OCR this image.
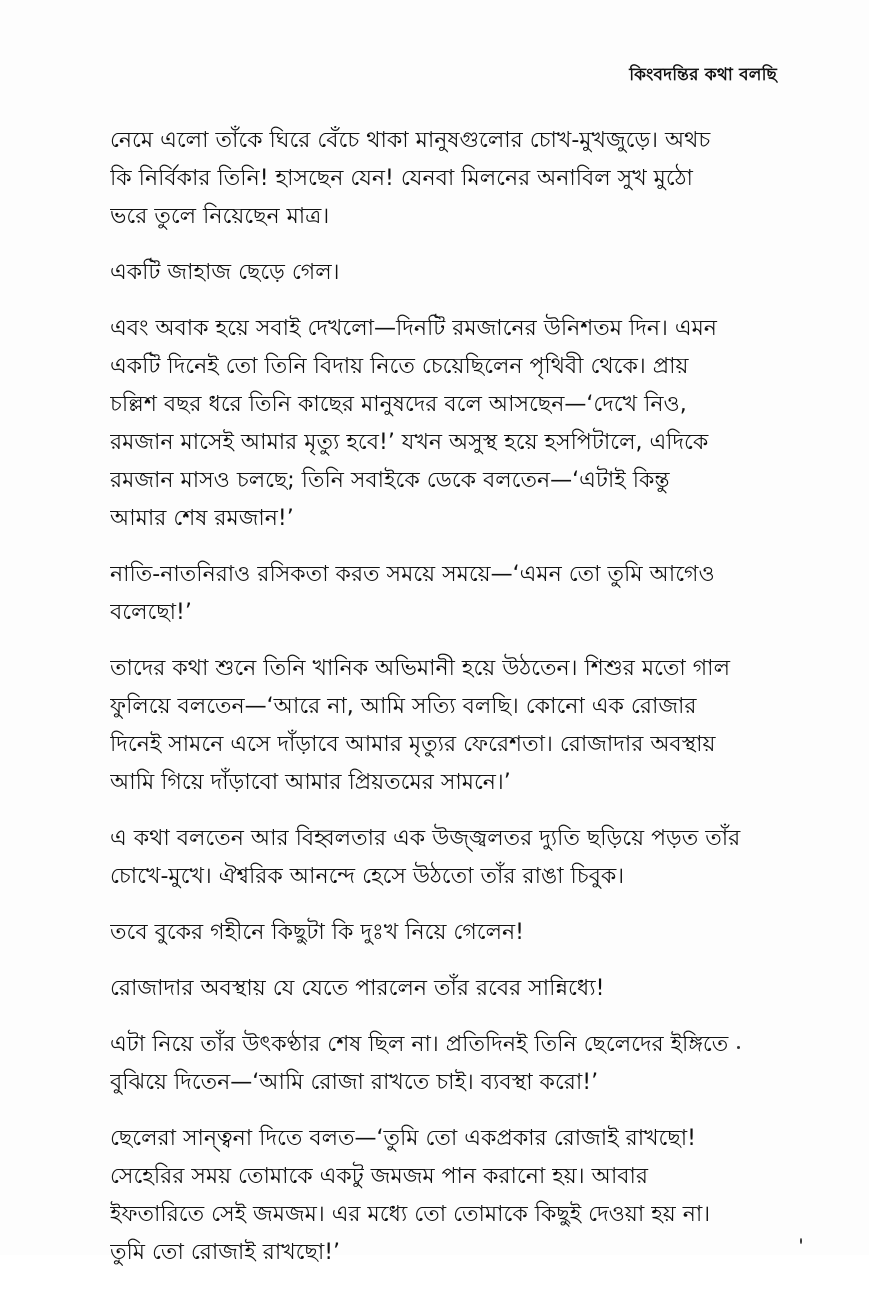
কিংবদন্তির কথা বলছি

নেমে এলো তাঁকে ঘিরে বেঁচে থাকা মানুষগুলোর চোখ-মুখজুড়ে। অথচ
কি নির্বিকার তিনি! হাসছেন যেন! যেনবা মিলনের অনাবিল সুখ মুঠো
ভরে তুলে নিয়েছেন মাত্র।

একটি জাহাজ ছেড়ে গেল।

এবং অবাক হয়ে সবাই দেখলো—দিনটি রমজানের উনিশতম দিন। এমন
একটি দিনেই তো তিনি বিদায় নিতে চেয়েছিলেন পৃথিবী থেকে। প্রায়
চল্লিশ বছর ধরে তিনি কাছের মানুষদের বলে আসছেন—‘দেখে নিও,
রমজান মাসেই আমার মৃত্যু হবে!’ যখন অসুস্থ হয়ে হসপিটালে, এদিকে
রমজান মাসও চলছে; তিনি সবাইকে ডেকে বলতেন—‘এটাই কিন্তু
আমার শেষ রমজান!’

নাতি-নাতনিরাও রসিকতা করত সময়ে সময়ে—‘এমন তো তুমি আগেও
বলেছো!’

তাদের কথা শুনে তিনি খানিক অভিমানী হয়ে উঠতেন। শিশুর মতো গাল
ফুলিয়ে বলতেন—‘আরে না, আমি সত্যি বলছি। কোনো এক রোজার
দিনেই সামনে এসে দাঁড়াবে আমার মৃত্যুর ফেরেশতা। রোজাদার অবস্থায়
আমি গিয়ে দাঁড়াবো আমার প্রিয়তমের সামনে।’

এ কথা বলতেন আর বিহ্বলতার এক উজ্জ্বলতর দ্যুতি ছড়িয়ে পড়ত তাঁর
চোখে-মুখে। ঐশ্বরিক আনন্দে হেসে উঠতো তাঁর রাঙা চিবুক।

তবে বুকের গহীনে কিছুটা কি দুঃখ নিয়ে গেলেন!

রোজাদার অবস্থায় যে যেতে পারলেন তাঁর রবের সান্নিধ্যে!

এটা নিয়ে তাঁর উৎকণ্ঠার শেষ ছিল না। প্রতিদিনই তিনি ছেলেদের ইঙ্গিতে
বুঝিয়ে দিতেন—‘আমি রোজা রাখতে চাই। ব্যবস্থা করো!’

ছেলেরা সান্ত্বনা দিতে বলত—‘তুমি তো একপ্রকার রোজাই রাখছো!
সেহেরির সময় তোমাকে একটু জমজম পান করানো হয়। আবার
ইফতারিতে সেই জমজম। এর মধ্যে তো তোমাকে কিছুই দেওয়া হয় না।
তুমি তো রোজাই রাখছো!’
